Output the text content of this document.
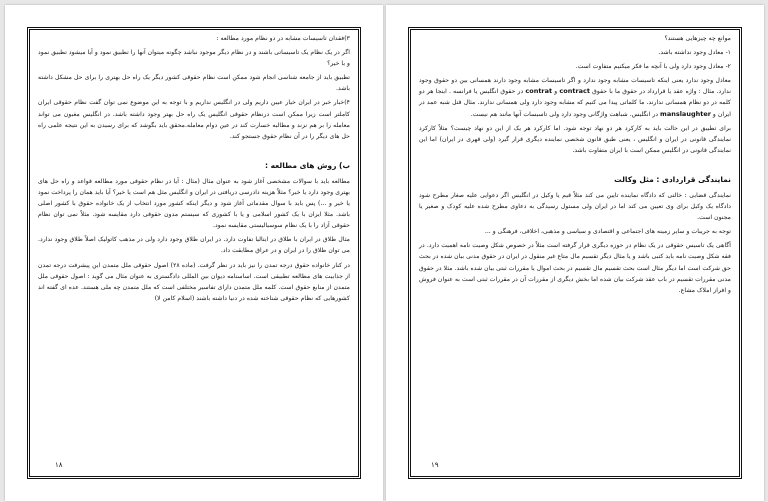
۳)فقدان تاسیسات مشابه در دو نظام مورد مطالعه :

اگر در یک نظام یک تاسیساتی باشند و در نظام دیگر موجود نباشد چگونه میتوان آنها را تطبیق نمود و آیا میشود تطبیق نمود و یا خیر؟

تطبیق باید از جامعه شناسی انجام شود ممکن است نظام حقوقی کشور دیگر یک راه حل بهتری را برای حل مشکل داشته باشد.

۴)خبار خبر در ایران خیار عیبن داریم ولی در انگلیس نداریم و با توجه به این موضوع نمی توان گفت نظام حقوقی ایران کاملتر است زیرا ممکن است درنظام حقوقی انگلیس یک راه حل بهتر وجود داشته باشد. در انگلیس مغبون می تواند معامله را بر هم نزند و مطالبه خسارت کند در عین دوام معامله.محقق باید بگوشد که برای رسیدن به این نتیجه علمی راه حل های دیگر را در آن نظام حقوق جستجو کند.

ب) روش های مطالعه :

مطالعه باید با سوالات مشخصی آغاز شود به عنوان مثال (مثال : آیا در نظام حقوقی مورد مطالعه قواعد و راه حل های بهتری وجود دارد یا خیر؟ مثلاً هزینه دادرسی دریافتی در ایران و انگلیس مثل هم است یا خیر؟ آیا باید همان را پرداخت نمود یا خیر و ...) پس باید با سوال مقدماتی آغاز شود و دیگر اینکه کشور مورد انتخاب از یک خانواده حقوق با کشور اصلی باشد. مثلا ایران با یک کشور اسلامی و یا با کشوری که سیستم مدون حقوقی دارد مقایسه شود. مثلاً نمی توان نظام حقوقی آزاد را با یک نظام سوسیالیستی مقایسه نمود.

مثال طلاق در ایران با طلاق در ایتالیا تفاوت دارد. در ایران طلاق وجود دارد ولی در مذهب کاتولیک اصلاً طلاق وجود ندارد. می توان طلاق را در ایران و در عراق مطابقت داد.

در کنار خانواده حقوق درجه تمدن را نیز باید در نظر گرفت. (ماده ۲۸) اصول حقوقی ملل متمدن این پیشرفت درجه تمدن از جذابیت های مطالعه تطبیقی است. اساسنامه دیوان بین المللی دادگستری به عنوان مثال می گوید : اصول حقوقی ملل متمدن از منابع حقوق است. کلمه ملل متمدن دارای تفاسیر مختلفی است که ملل متمدن چه ملی هستند. عده ای گفته اند کشورهایی که نظام حقوقی شناخته شده در دنیا داشته باشند (اسلام کامن لا)

۱۸

موانع چه چیزهایی هستند؟

۱- معادل وجود نداشته باشد.

۲- معادل وجود دارد ولی با آنچه ما فکر میکنیم متفاوت است.

معادل وجود ندارد یعنی اینکه تاسیسات مشابه وجود ندارد و اگر تاسیسات مشابه وجود دارند همسانی بین دو حقوق وجود ندارد. مثال : واژه عقد یا قرارداد در حقوق ما با حقوق contract و contrat در حقوق انگلیس یا فرانسه . اینجا هر دو کلمه در دو نظام همسانی ندارند. ما کلماتی پیدا می کنیم که مشابه وجود دارد ولی همسانی ندارند. مثال قتل شبه عمد در ایران و manslaughter در انگلیس. شباهت واژگانی وجود دارد ولی تاسیسات آنها مانند هم نیست.

برای تطبیق در این حالت باید به کارکرد هر دو نهاد توجه شود. اما کارکرد هر یک از این دو نهاد چیست؟ مثلاً کارکرد نمایندگی قانونی در ایران و انگلیس ، یعنی طبق قانون شخصی نماینده دیگری قرار گیرد (ولی قهری در ایران) اما این نمایندگی قانونی در انگلیس ممکن است با ایران متفاوت باشد.

نمایندگی قراردادی : مثل وکالت

نمایندگی قضایی : خالتی که دادگاه نماینده تایین می کند مثلاً قیم یا وکیل در انگلیس اگر دعوایی علیه صغار مطرح شود دادگاه یک وکیل برای وی تعیین می کند اما در ایران ولی مستول رسیدگی به دعاوی مطرح شده علیه کودک و صغیر یا مجنون است.

توجه به جریبات و سایر زمینه های اجتماعی و اقتصادی و سیاسی و مذهبی، اخلاقی، فرهنگی و ...

آگاهی یک تاسیس حقوقی در یک نظام در حوزه دیگری قرار گرفته است مثلاً در خصوص شکل وصیت نامه اهمیت دارد. در فقه شکل وصیت نامه باید کتبی باشد و یا مثال دیگر تقسیم مال متاع غیر منقول در ایران در حقوق مدنی بیان شده در بحث حق شرکت است اما دیگر مثال است بحث تقسیم مال تقسیم در بحث اموال یا مقررات ثبتی بیان شده باشد. مثلا در حقوق مدنی مقررات تقسیم در باب عقد شرکت بیان شده اما بخش دیگری از مقررات آن در مقررات ثبتی است به عنوان فروش و افراز املاک مشاع.

۱۹
